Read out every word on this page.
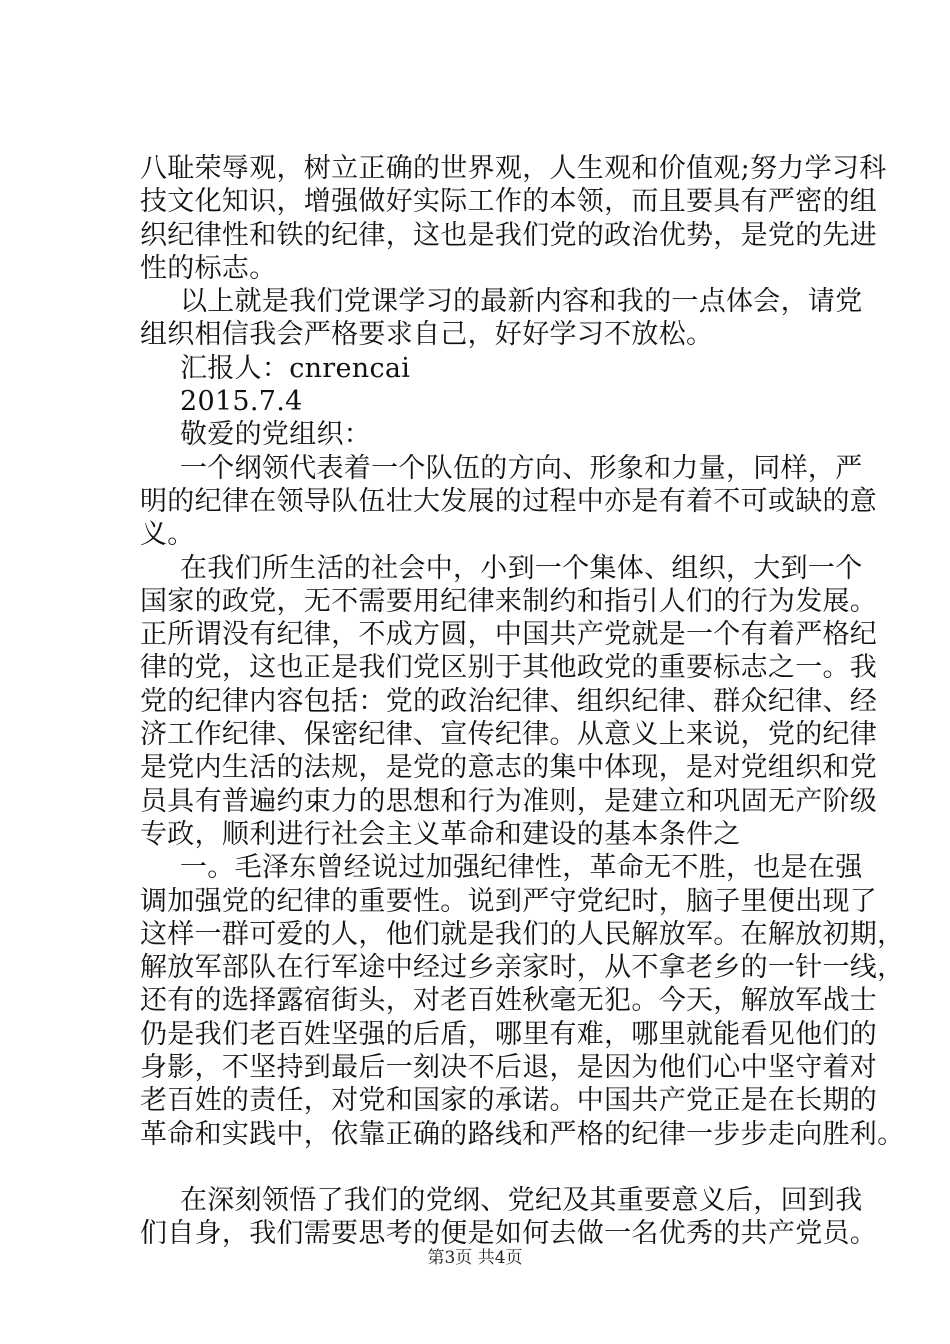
八耻荣辱观，树立正确的世界观，人生观和价值观;努力学习科
技文化知识，增强做好实际工作的本领，而且要具有严密的组
织纪律性和铁的纪律，这也是我们党的政治优势，是党的先进
性的标志。
以上就是我们党课学习的最新内容和我的一点体会，请党
组织相信我会严格要求自己，好好学习不放松。
汇报人：cnrencai
2015.7.4
敬爱的党组织：
一个纲领代表着一个队伍的方向、形象和力量，同样，严
明的纪律在领导队伍壮大发展的过程中亦是有着不可或缺的意
义。
在我们所生活的社会中，小到一个集体、组织，大到一个
国家的政党，无不需要用纪律来制约和指引人们的行为发展。
正所谓没有纪律，不成方圆，中国共产党就是一个有着严格纪
律的党，这也正是我们党区别于其他政党的重要标志之一。我
党的纪律内容包括：党的政治纪律、组织纪律、群众纪律、经
济工作纪律、保密纪律、宣传纪律。从意义上来说，党的纪律
是党内生活的法规，是党的意志的集中体现，是对党组织和党
员具有普遍约束力的思想和行为准则，是建立和巩固无产阶级
专政，顺利进行社会主义革命和建设的基本条件之
一。毛泽东曾经说过加强纪律性，革命无不胜，也是在强
调加强党的纪律的重要性。说到严守党纪时，脑子里便出现了
这样一群可爱的人，他们就是我们的人民解放军。在解放初期，
解放军部队在行军途中经过乡亲家时，从不拿老乡的一针一线，
还有的选择露宿街头，对老百姓秋毫无犯。今天，解放军战士
仍是我们老百姓坚强的后盾，哪里有难，哪里就能看见他们的
身影，不坚持到最后一刻决不后退，是因为他们心中坚守着对
老百姓的责任，对党和国家的承诺。中国共产党正是在长期的
革命和实践中，依靠正确的路线和严格的纪律一步步走向胜利。
在深刻领悟了我们的党纲、党纪及其重要意义后，回到我
们自身，我们需要思考的便是如何去做一名优秀的共产党员。
第3页 共4页
